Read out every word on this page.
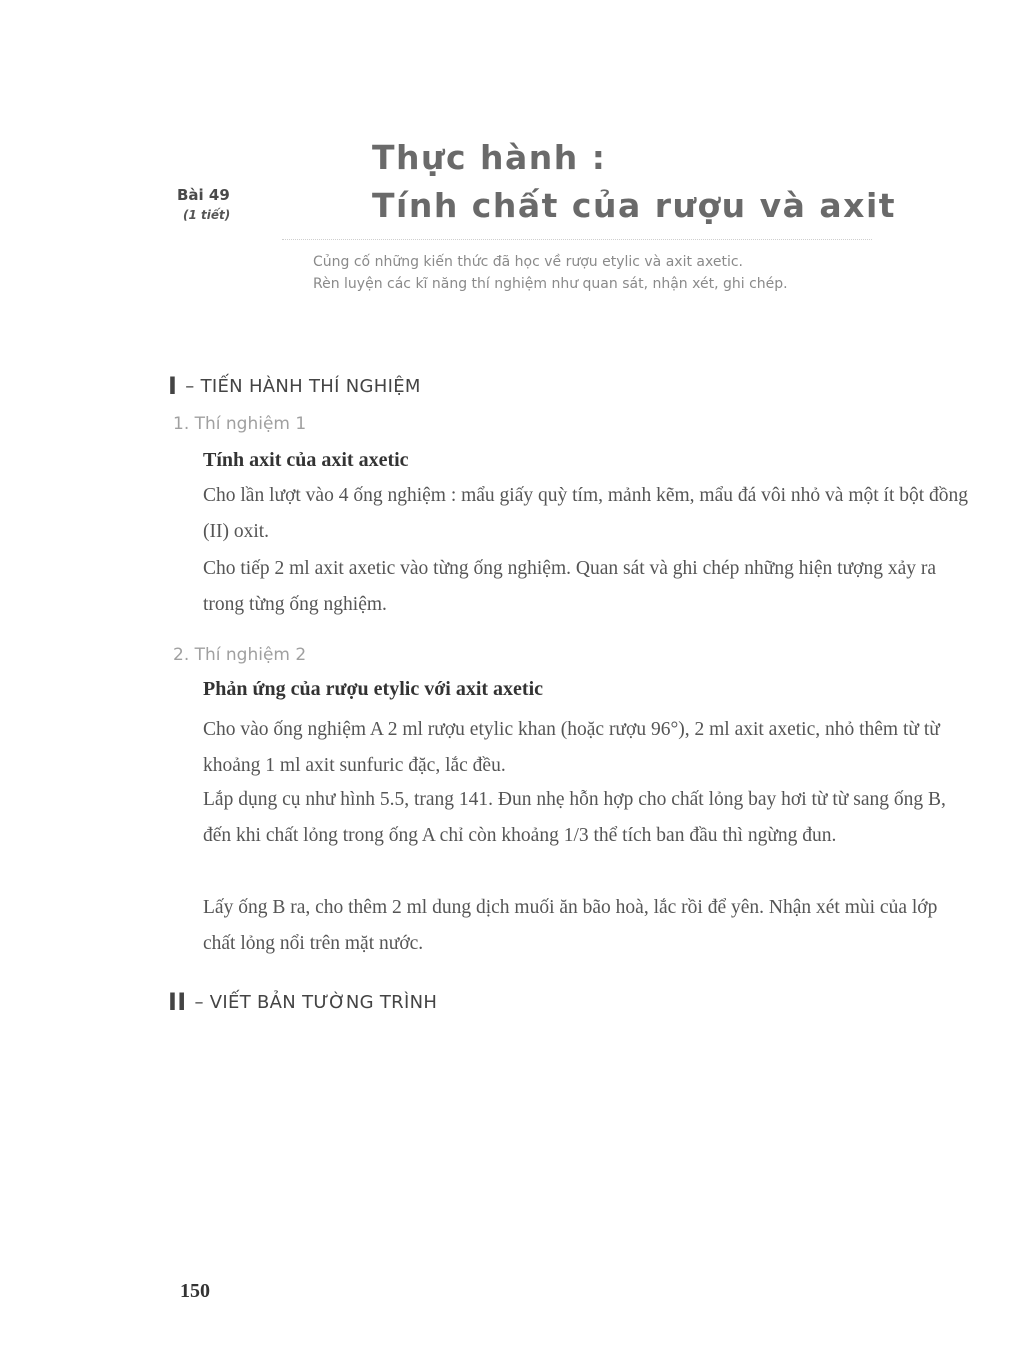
Bài 49
(1 tiết)
Thực hành :
Tính chất của rượu và axit
Củng cố những kiến thức đã học về rượu etylic và axit axetic.
Rèn luyện các kĩ năng thí nghiệm như quan sát, nhận xét, ghi chép.
I – TIẾN HÀNH THÍ NGHIỆM
1. Thí nghiệm 1
Tính axit của axit axetic

Cho lần lượt vào 4 ống nghiệm : mẩu giấy quỳ tím, mảnh kẽm, mẩu đá vôi nhỏ và một ít bột đồng (II) oxit.

Cho tiếp 2 ml axit axetic vào từng ống nghiệm. Quan sát và ghi chép những hiện tượng xảy ra trong từng ống nghiệm.

2. Thí nghiệm 2
Phản ứng của rượu etylic với axit axetic

Cho vào ống nghiệm A 2 ml rượu etylic khan (hoặc rượu 96°), 2 ml axit axetic, nhỏ thêm từ từ khoảng 1 ml axit sunfuric đặc, lắc đều.

Lắp dụng cụ như hình 5.5, trang 141. Đun nhẹ hỗn hợp cho chất lỏng bay hơi từ từ sang ống B, đến khi chất lỏng trong ống A chỉ còn khoảng 1/3 thể tích ban đầu thì ngừng đun.

Lấy ống B ra, cho thêm 2 ml dung dịch muối ăn bão hoà, lắc rồi để yên. Nhận xét mùi của lớp chất lỏng nổi trên mặt nước.

II – VIẾT BẢN TƯỜNG TRÌNH
150
